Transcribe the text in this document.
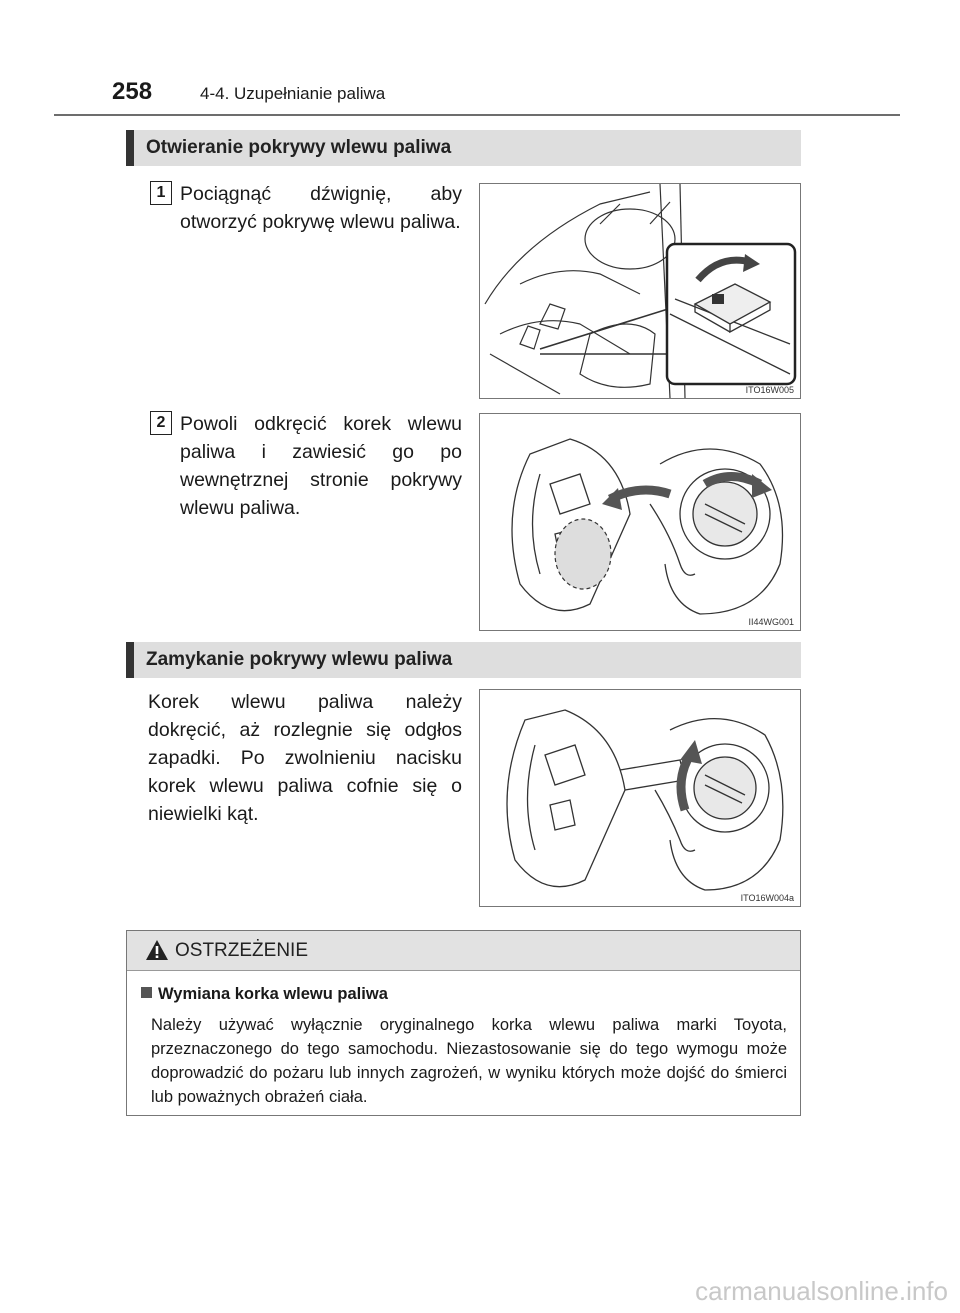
258	4-4. Uzupełnianie paliwa
Otwieranie pokrywy wlewu paliwa
1 Pociągnąć dźwignię, aby otworzyć pokrywę wlewu paliwa.
ITO16W005
2 Powoli odkręcić korek wlewu paliwa i zawiesić go po wewnętrznej stronie pokrywy wlewu paliwa.
II44WG001
Zamykanie pokrywy wlewu paliwa
Korek wlewu paliwa należy dokręcić, aż rozlegnie się odgłos zapadki. Po zwolnieniu nacisku korek wlewu paliwa cofnie się o niewielki kąt.
ITO16W004a
OSTRZEŻENIE
Wymiana korka wlewu paliwa
Należy używać wyłącznie oryginalnego korka wlewu paliwa marki Toyota, przeznaczonego do tego samochodu. Niezastosowanie się do tego wymogu może doprowadzić do pożaru lub innych zagrożeń, w wyniku których może dojść do śmierci lub poważnych obrażeń ciała.
carmanualsonline.info
